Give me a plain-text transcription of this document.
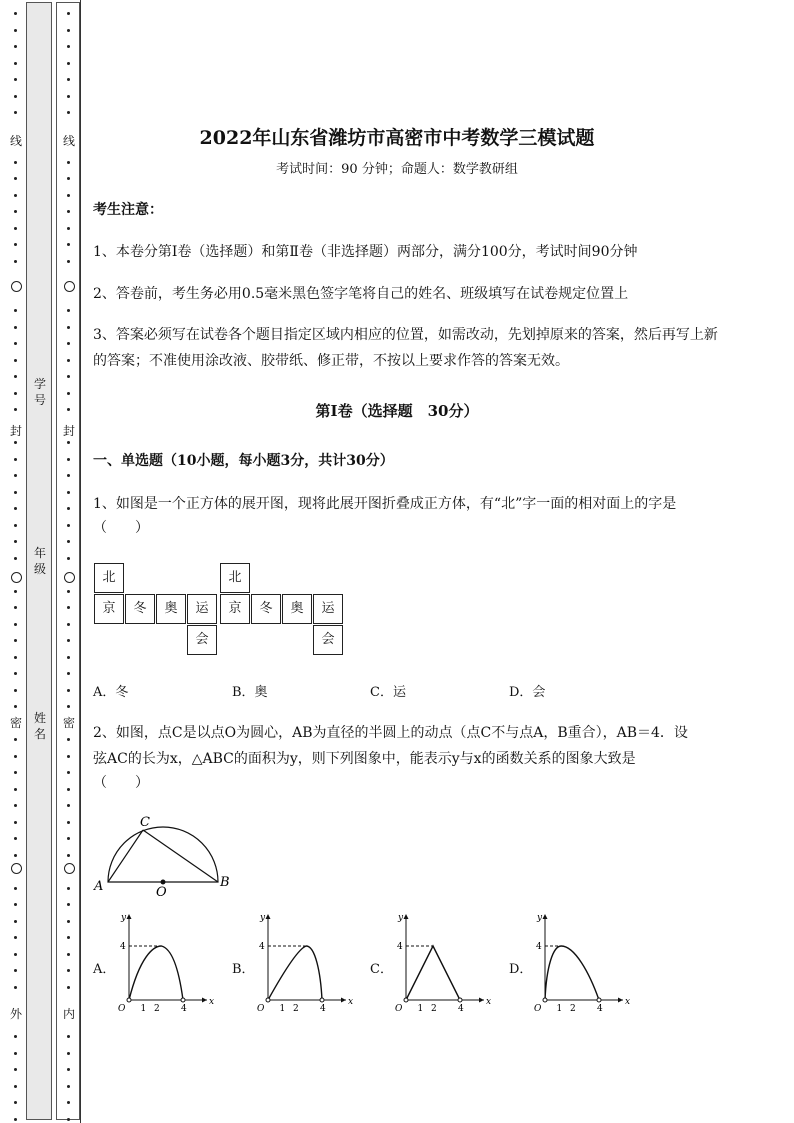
线
封
密
外
线
封
密
内
学号
年级
姓名
2022年山东省潍坊市高密市中考数学三模试题
考试时间：90 分钟；命题人：数学教研组
考生注意：
1、本卷分第Ⅰ卷（选择题）和第Ⅱ卷（非选择题）两部分，满分100分，考试时间90分钟
2、答卷前，考生务必用0.5毫米黑色签字笔将自己的姓名、班级填写在试卷规定位置上
3、答案必须写在试卷各个题目指定区域内相应的位置，如需改动，先划掉原来的答案，然后再写上新
的答案；不准使用涂改液、胶带纸、修正带，不按以上要求作答的答案无效。
第Ⅰ卷（选择题　30分）
一、单选题（10小题，每小题3分，共计30分）
1、如图是一个正方体的展开图，现将此展开图折叠成正方体，有“北”字一面的相对面上的字是
（　　）
北
京	冬	奥	运
会
北
京	冬	奥	运
会
A．冬	B．奥	C．运	D．会
2、如图，点C是以点O为圆心，AB为直径的半圆上的动点（点C不与点A，B重合），AB＝4．设
弦AC的长为x，△ABC的面积为y，则下列图象中，能表示y与x的函数关系的图象大致是
（　　）
A	B
C
O
A．
y
x
O 1 2 4
4
B．
y
x
O 1 2 4
4
C．
y
x
O 1 2 4
4
D．
y
x
O 1 2 4
4
